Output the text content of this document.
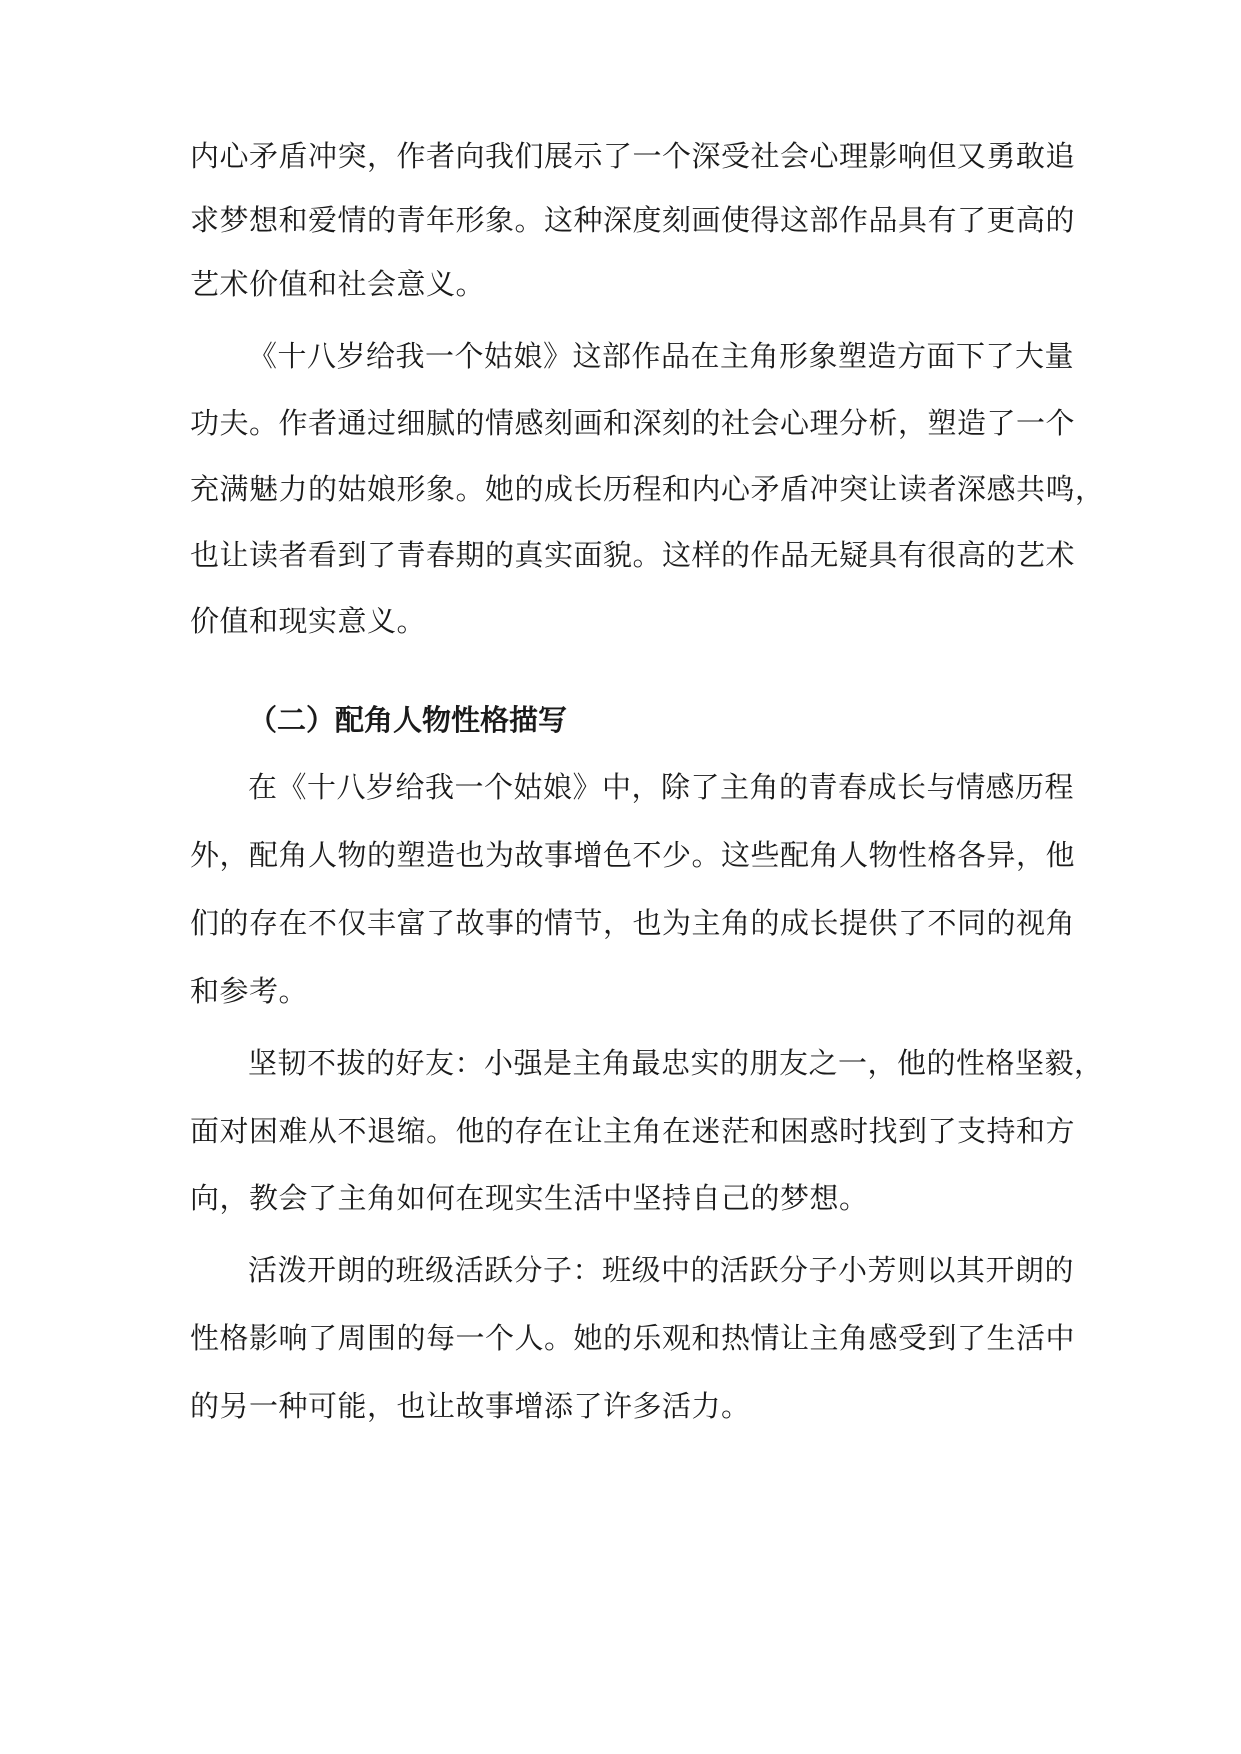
内心矛盾冲突，作者向我们展示了一个深受社会心理影响但又勇敢追
求梦想和爱情的青年形象。这种深度刻画使得这部作品具有了更高的
艺术价值和社会意义。
《十八岁给我一个姑娘》这部作品在主角形象塑造方面下了大量
功夫。作者通过细腻的情感刻画和深刻的社会心理分析，塑造了一个
充满魅力的姑娘形象。她的成长历程和内心矛盾冲突让读者深感共鸣，
也让读者看到了青春期的真实面貌。这样的作品无疑具有很高的艺术
价值和现实意义。
（二）配角人物性格描写
在《十八岁给我一个姑娘》中，除了主角的青春成长与情感历程
外，配角人物的塑造也为故事增色不少。这些配角人物性格各异，他
们的存在不仅丰富了故事的情节，也为主角的成长提供了不同的视角
和参考。
坚韧不拔的好友：小强是主角最忠实的朋友之一，他的性格坚毅，
面对困难从不退缩。他的存在让主角在迷茫和困惑时找到了支持和方
向，教会了主角如何在现实生活中坚持自己的梦想。
活泼开朗的班级活跃分子：班级中的活跃分子小芳则以其开朗的
性格影响了周围的每一个人。她的乐观和热情让主角感受到了生活中
的另一种可能，也让故事增添了许多活力。
